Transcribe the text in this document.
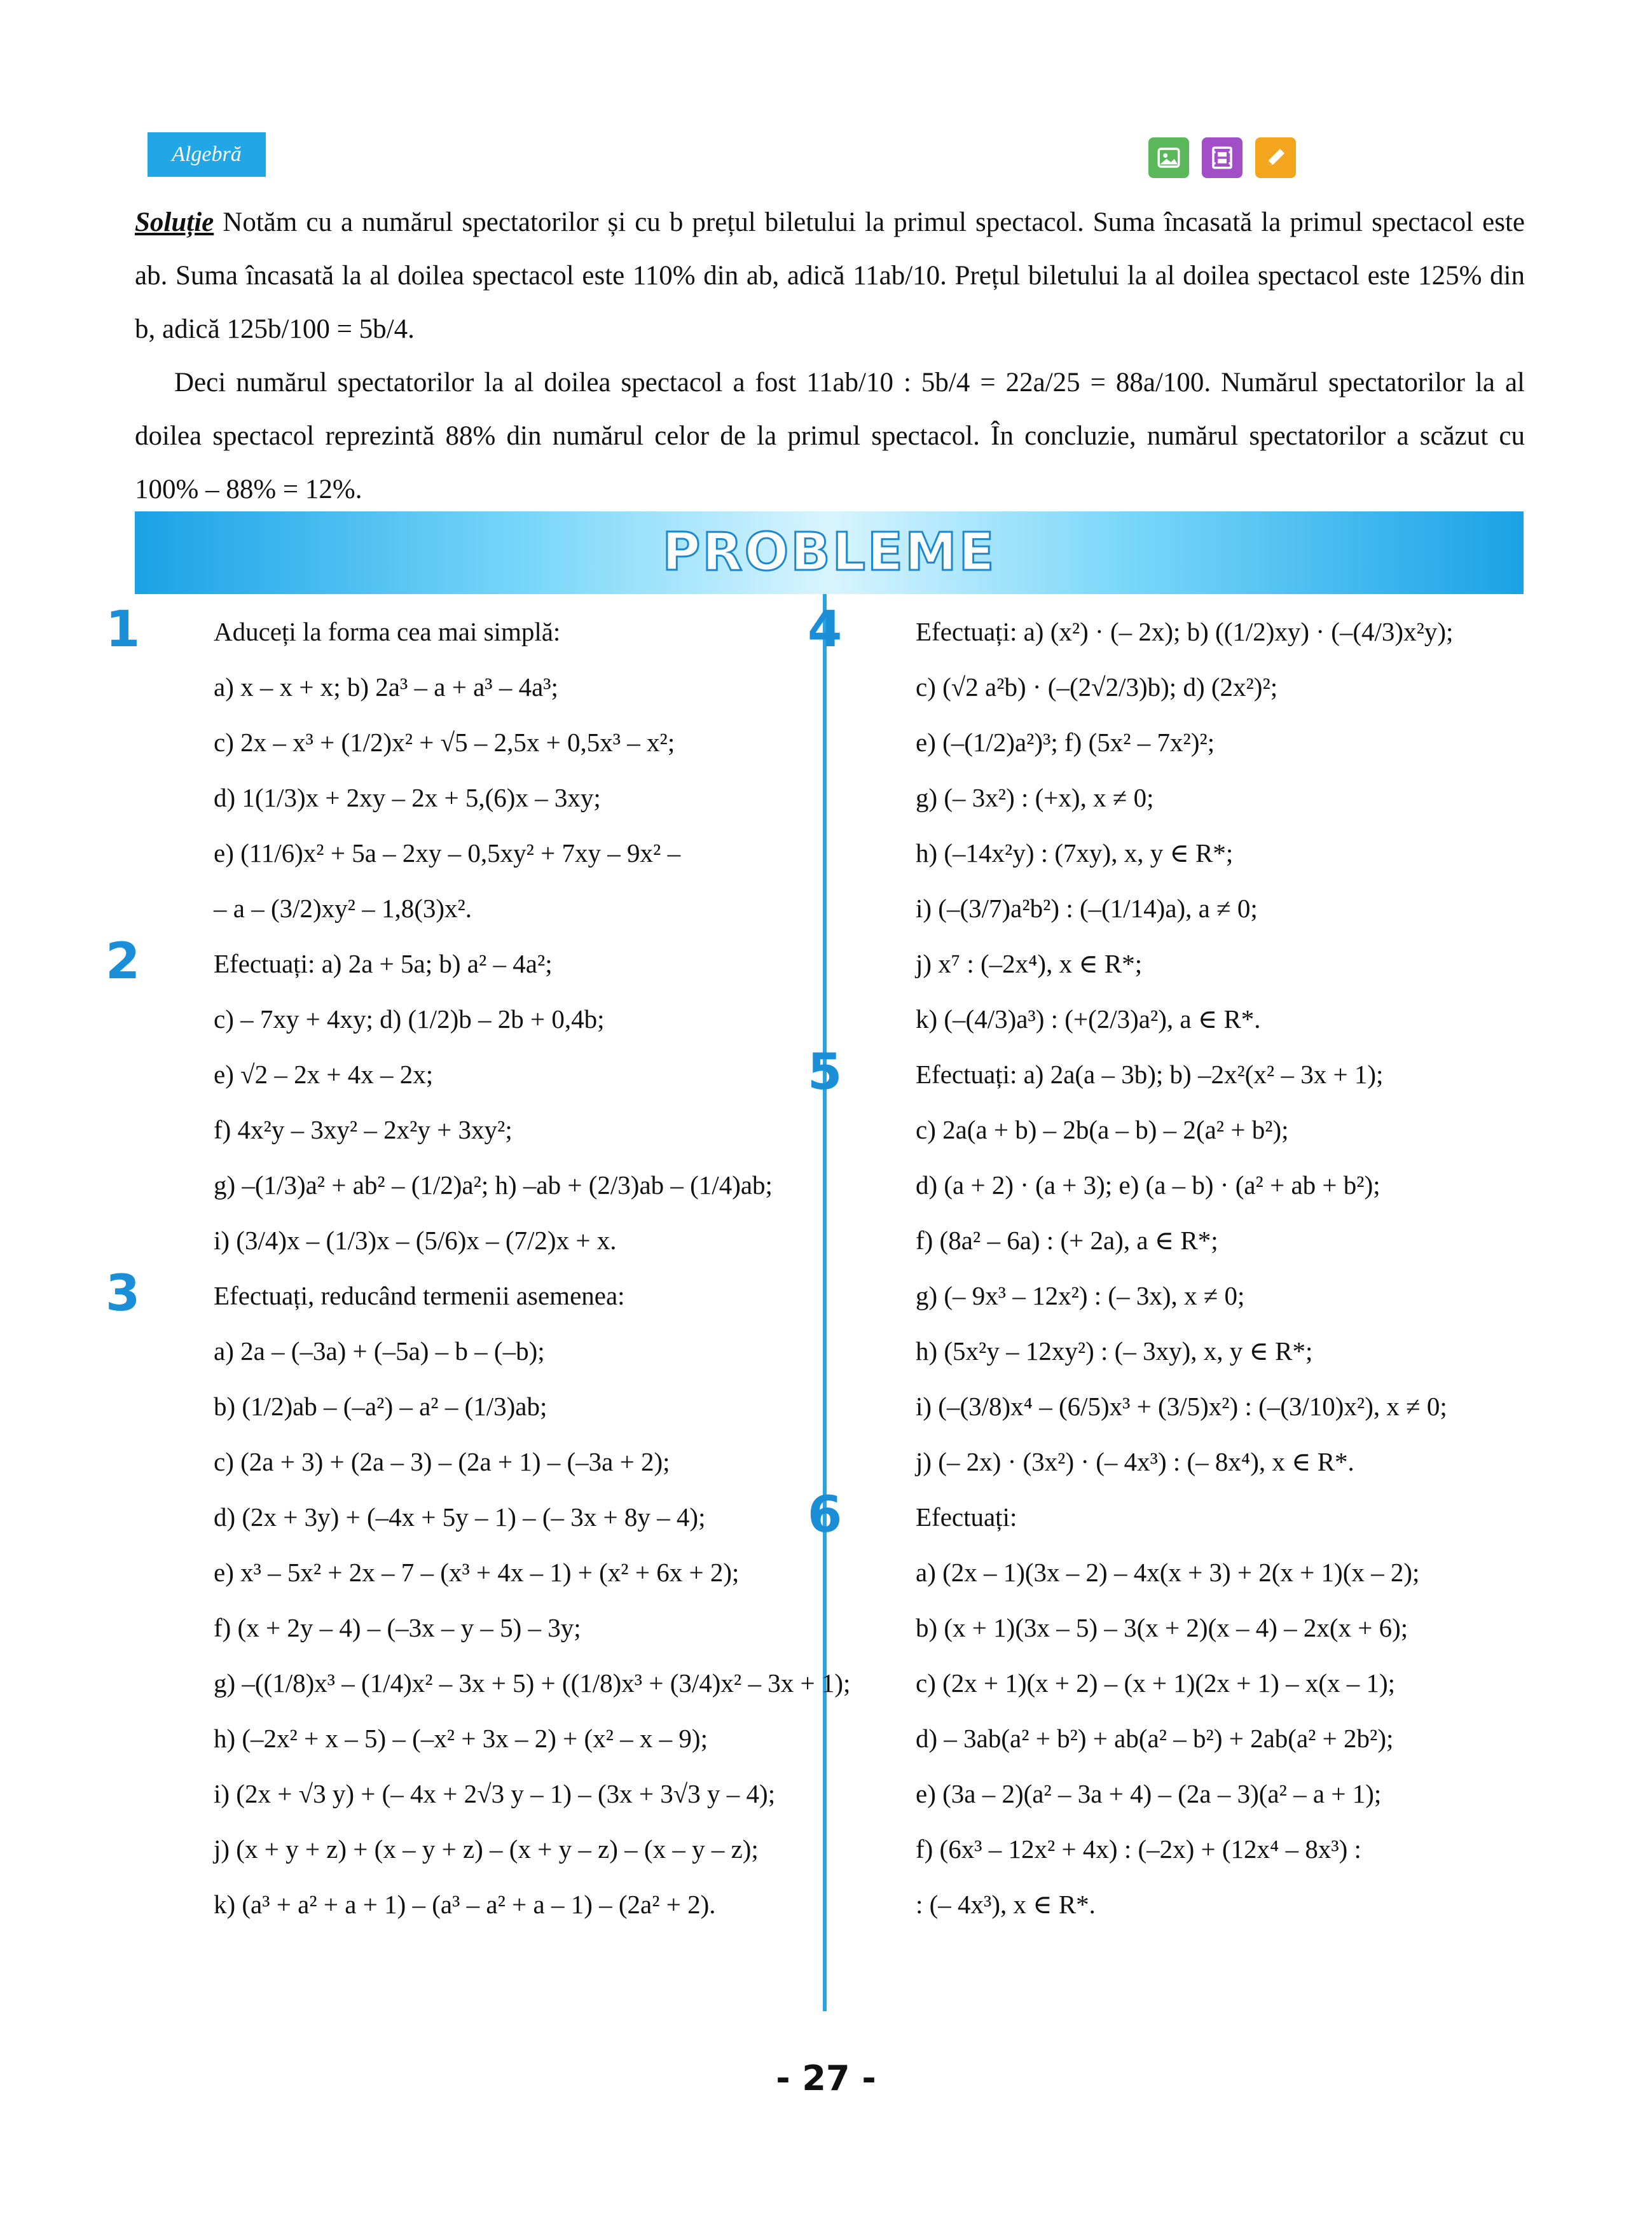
Algebră

Soluție Notăm cu a numărul spectatorilor și cu b prețul biletului la primul spectacol. Suma încasată la primul spectacol este ab. Suma încasată la al doilea spectacol este 110% din ab, adică 11ab/10. Prețul biletului la al doilea spectacol este 125% din b, adică 125b/100 = 5b/4.

Deci numărul spectatorilor la al doilea spectacol a fost 11ab/10 : 5b/4 = 22a/25 = 88a/100. Numărul spectatorilor la al doilea spectacol reprezintă 88% din numărul celor de la primul spectacol. În concluzie, numărul spectatorilor a scăzut cu 100% – 88% = 12%.

PROBLEME
1	Aduceți la forma cea mai simplă:
a) x – x + x; b) 2a³ – a + a³ – 4a³;
c) 2x – x³ + (1/2)x² + √5 – 2,5x + 0,5x³ – x²;
d) 1(1/3)x + 2xy – 2x + 5,(6)x – 3xy;
e) (11/6)x² + 5a – 2xy – 0,5xy² + 7xy – 9x² –
– a – (3/2)xy² – 1,8(3)x².
2	Efectuați: a) 2a + 5a; b) a² – 4a²;
c) – 7xy + 4xy; d) (1/2)b – 2b + 0,4b;
e) √2 – 2x + 4x – 2x;
f) 4x²y – 3xy² – 2x²y + 3xy²;
g) –(1/3)a² + ab² – (1/2)a²; h) –ab + (2/3)ab – (1/4)ab;
i) (3/4)x – (1/3)x – (5/6)x – (7/2)x + x.
3	Efectuați, reducând termenii asemenea:
a) 2a – (–3a) + (–5a) – b – (–b);
b) (1/2)ab – (–a²) – a² – (1/3)ab;
c) (2a + 3) + (2a – 3) – (2a + 1) – (–3a + 2);
d) (2x + 3y) + (–4x + 5y – 1) – (– 3x + 8y – 4);
e) x³ – 5x² + 2x – 7 – (x³ + 4x – 1) + (x² + 6x + 2);
f) (x + 2y – 4) – (–3x – y – 5) – 3y;
g) –((1/8)x³ – (1/4)x² – 3x + 5) + ((1/8)x³ + (3/4)x² – 3x + 1);
h) (–2x² + x – 5) – (–x² + 3x – 2) + (x² – x – 9);
i) (2x + √3 y) + (– 4x + 2√3 y – 1) – (3x + 3√3 y – 4);
j) (x + y + z) + (x – y + z) – (x + y – z) – (x – y – z);
k) (a³ + a² + a + 1) – (a³ – a² + a – 1) – (2a² + 2).
4	Efectuați: a) (x²) · (– 2x); b) ((1/2)xy) · (–(4/3)x²y);
c) (√2 a²b) · (–(2√2/3)b); d) (2x²)²;
e) (–(1/2)a²)³; f) (5x² – 7x²)²;
g) (– 3x²) : (+x), x ≠ 0;
h) (–14x²y) : (7xy), x, y ∈ R*;
i) (–(3/7)a²b²) : (–(1/14)a), a ≠ 0;
j) x⁷ : (–2x⁴), x ∈ R*;
k) (–(4/3)a³) : (+(2/3)a²), a ∈ R*.
5	Efectuați: a) 2a(a – 3b); b) –2x²(x² – 3x + 1);
c) 2a(a + b) – 2b(a – b) – 2(a² + b²);
d) (a + 2) · (a + 3); e) (a – b) · (a² + ab + b²);
f) (8a² – 6a) : (+ 2a), a ∈ R*;
g) (– 9x³ – 12x²) : (– 3x), x ≠ 0;
h) (5x²y – 12xy²) : (– 3xy), x, y ∈ R*;
i) (–(3/8)x⁴ – (6/5)x³ + (3/5)x²) : (–(3/10)x²), x ≠ 0;
j) (– 2x) · (3x²) · (– 4x³) : (– 8x⁴), x ∈ R*.
6	Efectuați:
a) (2x – 1)(3x – 2) – 4x(x + 3) + 2(x + 1)(x – 2);
b) (x + 1)(3x – 5) – 3(x + 2)(x – 4) – 2x(x + 6);
c) (2x + 1)(x + 2) – (x + 1)(2x + 1) – x(x – 1);
d) – 3ab(a² + b²) + ab(a² – b²) + 2ab(a² + 2b²);
e) (3a – 2)(a² – 3a + 4) – (2a – 3)(a² – a + 1);
f) (6x³ – 12x² + 4x) : (–2x) + (12x⁴ – 8x³) :
: (– 4x³), x ∈ R*.
- 27 -
